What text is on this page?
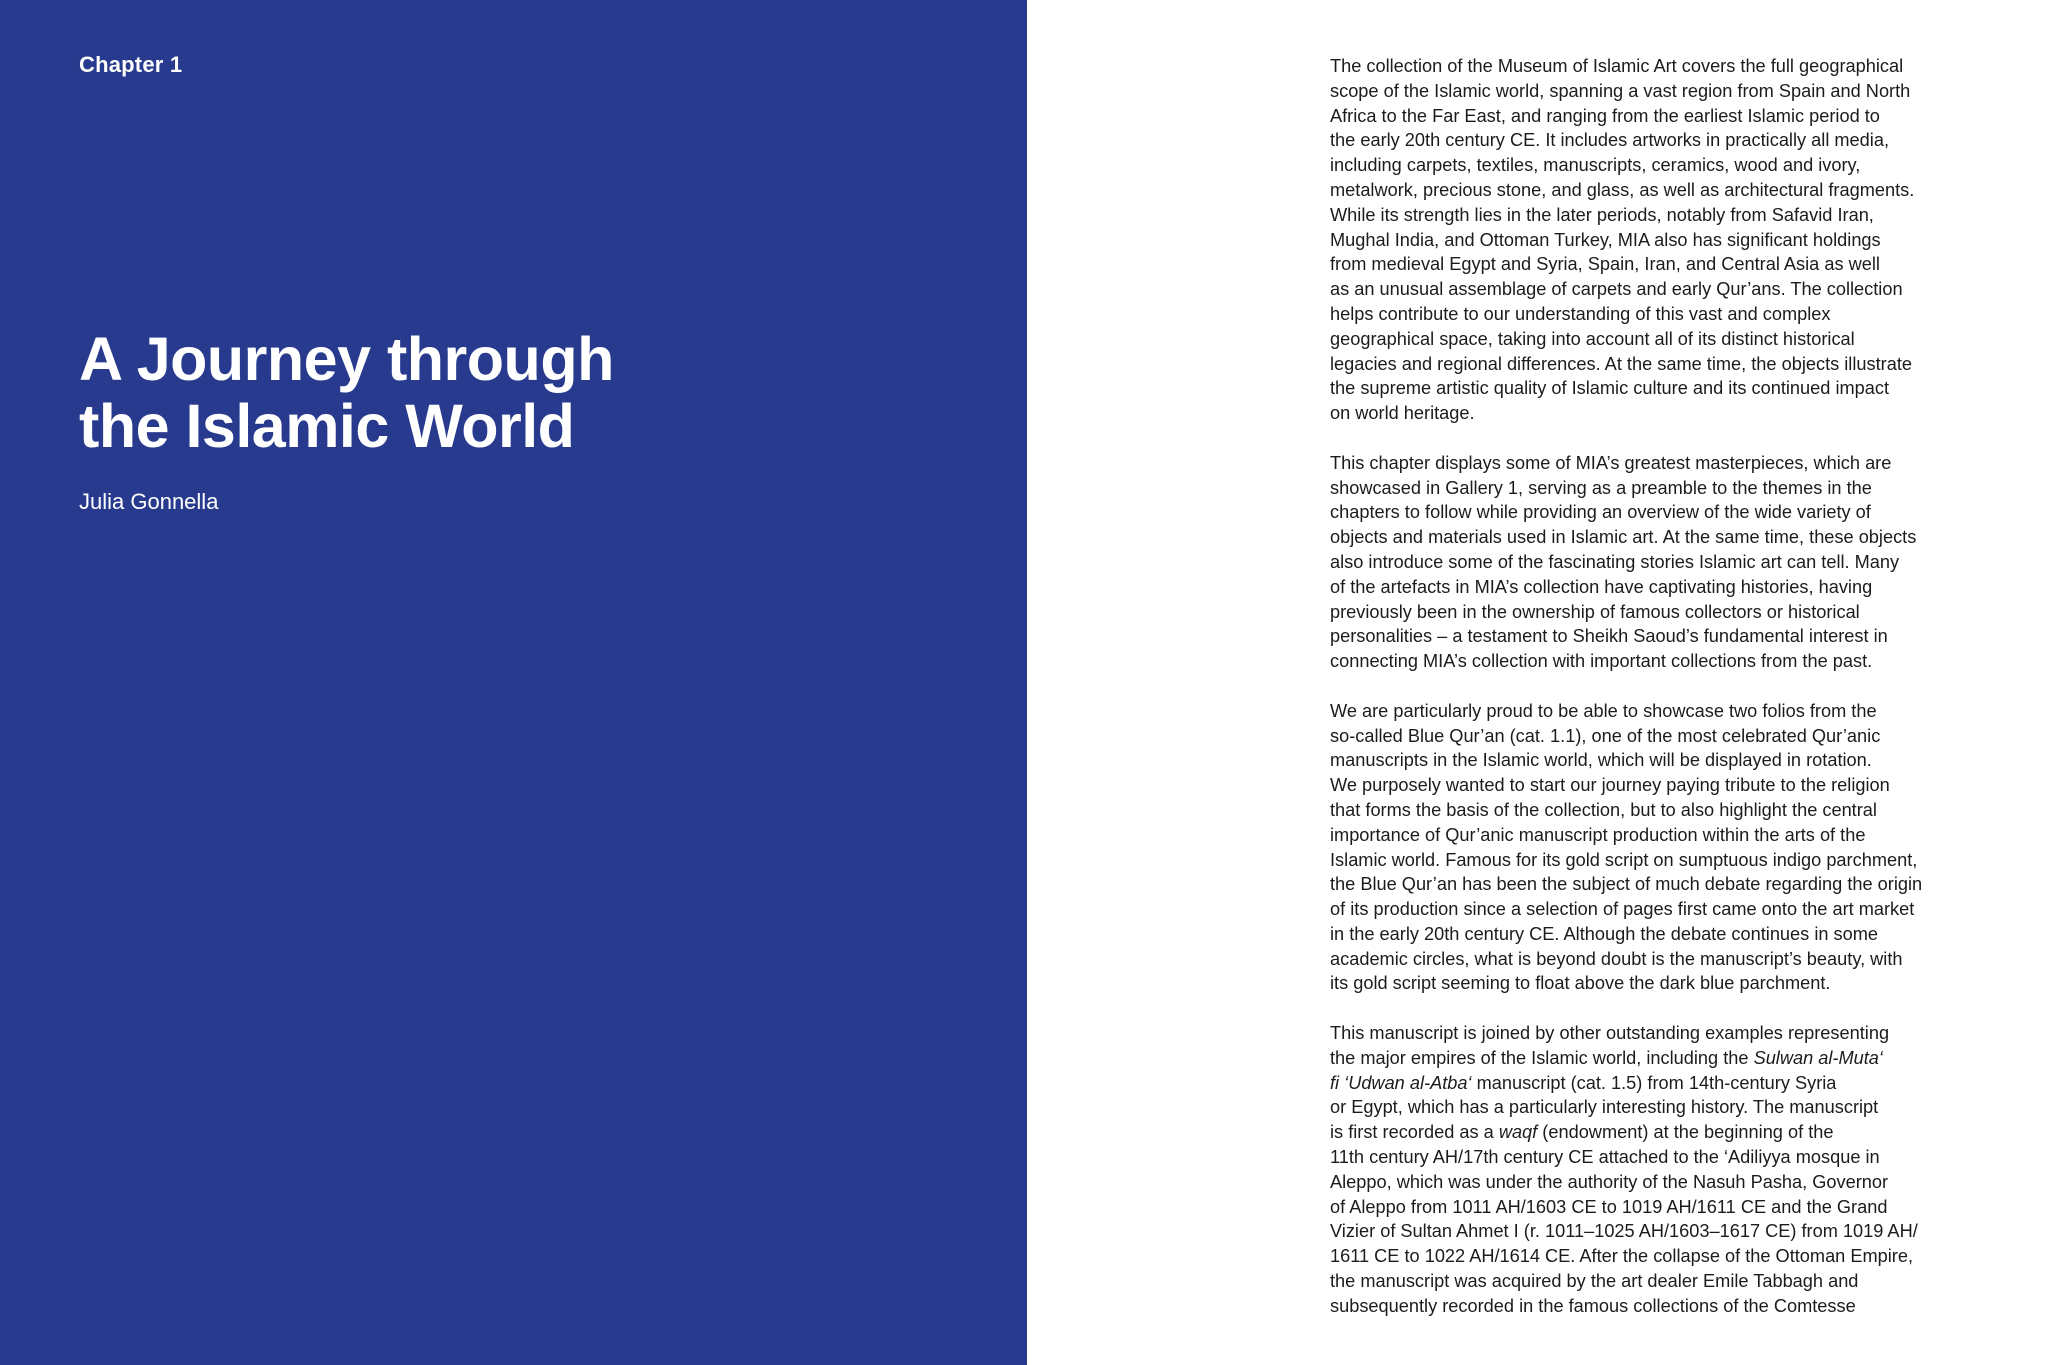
Chapter 1

A Journey through
the Islamic World

Julia Gonnella

The collection of the Museum of Islamic Art covers the full geographical
scope of the Islamic world, spanning a vast region from Spain and North
Africa to the Far East, and ranging from the earliest Islamic period to
the early 20th century CE. It includes artworks in practically all media,
including carpets, textiles, manuscripts, ceramics, wood and ivory,
metalwork, precious stone, and glass, as well as architectural fragments.
While its strength lies in the later periods, notably from Safavid Iran,
Mughal India, and Ottoman Turkey, MIA also has significant holdings
from medieval Egypt and Syria, Spain, Iran, and Central Asia as well
as an unusual assemblage of carpets and early Qur’ans. The collection
helps contribute to our understanding of this vast and complex
geographical space, taking into account all of its distinct historical
legacies and regional differences. At the same time, the objects illustrate
the supreme artistic quality of Islamic culture and its continued impact
on world heritage.
This chapter displays some of MIA’s greatest masterpieces, which are
showcased in Gallery 1, serving as a preamble to the themes in the
chapters to follow while providing an overview of the wide variety of
objects and materials used in Islamic art. At the same time, these objects
also introduce some of the fascinating stories Islamic art can tell. Many
of the artefacts in MIA’s collection have captivating histories, having
previously been in the ownership of famous collectors or historical
personalities – a testament to Sheikh Saoud’s fundamental interest in
connecting MIA’s collection with important collections from the past.
We are particularly proud to be able to showcase two folios from the
so-called Blue Qur’an (cat. 1.1), one of the most celebrated Qur’anic
manuscripts in the Islamic world, which will be displayed in rotation.
We purposely wanted to start our journey paying tribute to the religion
that forms the basis of the collection, but to also highlight the central
importance of Qur’anic manuscript production within the arts of the
Islamic world. Famous for its gold script on sumptuous indigo parchment,
the Blue Qur’an has been the subject of much debate regarding the origin
of its production since a selection of pages first came onto the art market
in the early 20th century CE. Although the debate continues in some
academic circles, what is beyond doubt is the manuscript’s beauty, with
its gold script seeming to float above the dark blue parchment.
This manuscript is joined by other outstanding examples representing
the major empires of the Islamic world, including the Sulwan al-Muta‘
fi ‘Udwan al-Atba‘ manuscript (cat. 1.5) from 14th-century Syria
or Egypt, which has a particularly interesting history. The manuscript
is first recorded as a waqf (endowment) at the beginning of the
11th century AH/17th century CE attached to the ‘Adiliyya mosque in
Aleppo, which was under the authority of the Nasuh Pasha, Governor
of Aleppo from 1011 AH/1603 CE to 1019 AH/1611 CE and the Grand
Vizier of Sultan Ahmet I (r. 1011–1025 AH/1603–1617 CE) from 1019 AH/
1611 CE to 1022 AH/1614 CE. After the collapse of the Ottoman Empire,
the manuscript was acquired by the art dealer Emile Tabbagh and
subsequently recorded in the famous collections of the Comtesse
